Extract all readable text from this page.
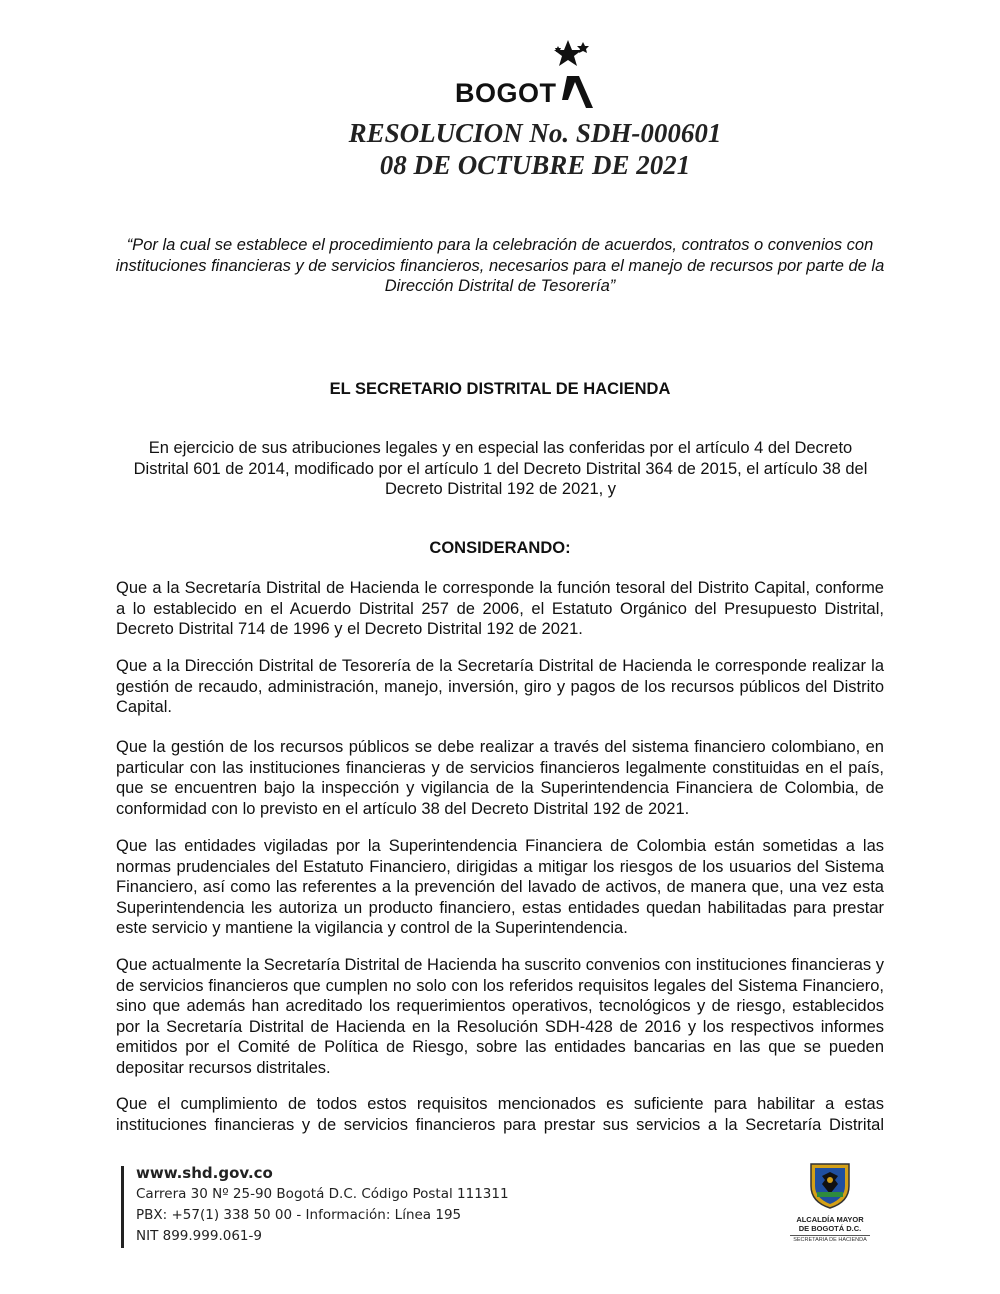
BOGOT
RESOLUCION No. SDH-000601
08 DE OCTUBRE DE 2021

“Por la cual se establece el procedimiento para la celebración de acuerdos, contratos o convenios con instituciones financieras y de servicios financieros, necesarios para el manejo de recursos por parte de la Dirección Distrital de Tesorería”

EL SECRETARIO DISTRITAL DE HACIENDA

En ejercicio de sus atribuciones legales y en especial las conferidas por el artículo 4 del Decreto Distrital 601 de 2014, modificado por el artículo 1 del Decreto Distrital 364 de 2015, el artículo 38 del Decreto Distrital 192 de 2021, y

CONSIDERANDO:

Que a la Secretaría Distrital de Hacienda le corresponde la función tesoral del Distrito Capital, conforme a lo establecido en el Acuerdo Distrital 257 de 2006, el Estatuto Orgánico del Presupuesto Distrital, Decreto Distrital 714 de 1996 y el Decreto Distrital 192 de 2021.

Que a la Dirección Distrital de Tesorería de la Secretaría Distrital de Hacienda le corresponde realizar la gestión de recaudo, administración, manejo, inversión, giro y pagos de los recursos públicos del Distrito Capital.

Que la gestión de los recursos públicos se debe realizar a través del sistema financiero colombiano, en particular con las instituciones financieras y de servicios financieros legalmente constituidas en el país, que se encuentren bajo la inspección y vigilancia de la Superintendencia Financiera de Colombia, de conformidad con lo previsto en el artículo 38 del Decreto Distrital 192 de 2021.

Que las entidades vigiladas por la Superintendencia Financiera de Colombia están sometidas a las normas prudenciales del Estatuto Financiero, dirigidas a mitigar los riesgos de los usuarios del Sistema Financiero, así como las referentes a la prevención del lavado de activos, de manera que, una vez esta Superintendencia les autoriza un producto financiero, estas entidades quedan habilitadas para prestar este servicio y mantiene la vigilancia y control de la Superintendencia.

Que actualmente la Secretaría Distrital de Hacienda ha suscrito convenios con instituciones financieras y de servicios financieros que cumplen no solo con los referidos requisitos legales del Sistema Financiero, sino que además han acreditado los requerimientos operativos, tecnológicos y de riesgo, establecidos por la Secretaría Distrital de Hacienda en la Resolución SDH-428 de 2016 y los respectivos informes emitidos por el Comité de Política de Riesgo, sobre las entidades bancarias en las que se pueden depositar recursos distritales.

Que el cumplimiento de todos estos requisitos mencionados es suficiente para habilitar a estas instituciones financieras y de servicios financieros para prestar sus servicios a la Secretaría Distrital

www.shd.gov.co
Carrera 30 Nº 25-90 Bogotá D.C. Código Postal 111311
PBX: +57(1) 338 50 00 - Información: Línea 195
NIT 899.999.061-9
ALCALDÍA MAYOR
DE BOGOTÁ D.C.
SECRETARIA DE HACIENDA
